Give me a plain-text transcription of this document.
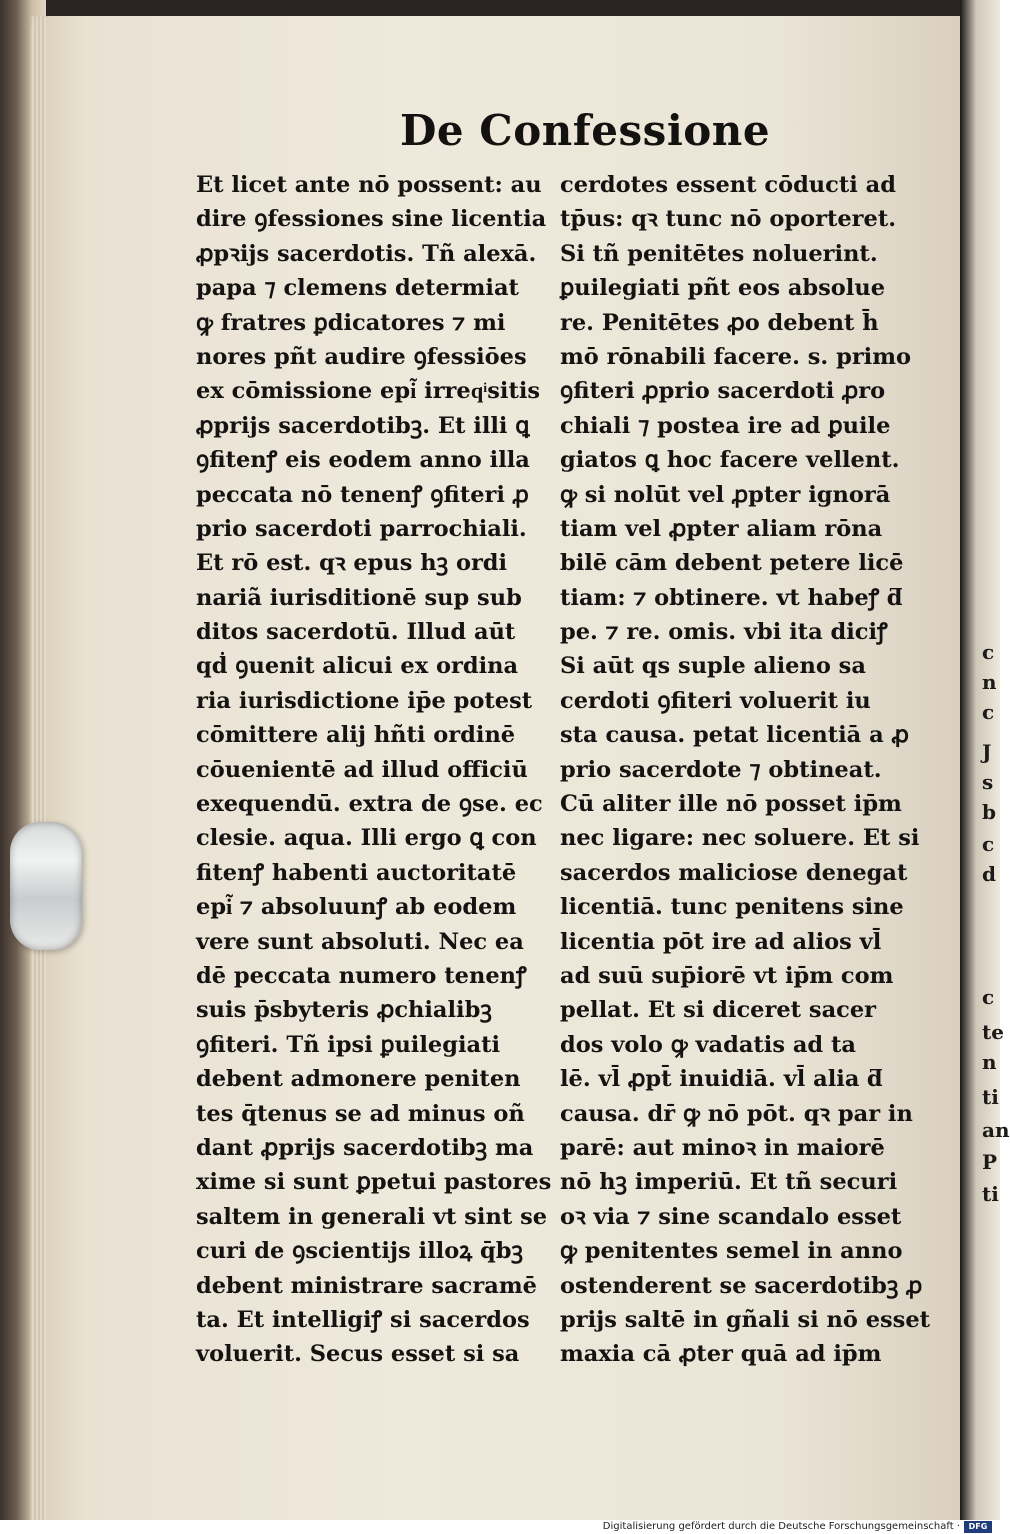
De Confessione
Et licet ante nō possent: au
dire ꝯfessiones sine licentia
ꝓpꝛijs sacerdotis. Tñ alexā.
papa ⁊ clemens determiat
ꝙ fratres ꝑdicatores ⁊ mi
nores pñt audire ꝯfessiōes
ex cōmissione epi͂ irreqͥsitis
ꝓprijs sacerdotibꝫ. Et illi ꝗ
ꝯfitenꝭ eis eodem anno illa
peccata nō tenenꝭ ꝯfiteri ꝓ
prio sacerdoti parrochiali.
Et rō est. qꝛ epus hꝫ ordi
nariã iurisditionē sup sub
ditos sacerdotū. Illud aūt
qḋ ꝯuenit alicui ex ordina
ria iurisdictione ip̄e potest
cōmittere alij hñti ordinē
cōuenientē ad illud officiū
exequendū. extra de ꝯse. ec
clesie. aqua. Illi ergo ꝗ con
fitenꝭ habenti auctoritatē
epi͂ ⁊ absoluunꝭ ab eodem
vere sunt absoluti. Nec ea
dē peccata numero tenenꝭ
suis p̄sbyteris ꝓchialibꝫ
ꝯfiteri. Tñ ipsi ꝑuilegiati
debent admonere peniten
tes q̄tenus se ad minus oñ
dant ꝓprijs sacerdotibꝫ ma
xime si sunt ꝑpetui pastores
saltem in generali vt sint se
curi de ꝯscientijs illoꝝ q̄bꝫ
debent ministrare sacramē
ta. Et intelligiꝭ si sacerdos
voluerit. Secus esset si sa
cerdotes essent cōducti ad
tp̄us: qꝛ tunc nō oporteret.
Si tñ penitētes noluerint.
ꝑuilegiati pñt eos absolue
re. Penitētes ꝓo debent h̄
mō rōnabili facere. s. primo
ꝯfiteri ꝓprio sacerdoti ꝓro
chiali ⁊ postea ire ad ꝑuile
giatos ꝗ hoc facere vellent.
ꝙ si nolūt vel ꝓpter ignorā
tiam vel ꝓpter aliam rōna
bilē cām debent petere licē
tiam: ⁊ obtinere. vt habeꝭ ƌ
pe. ⁊ re. omis. vbi ita diciꝭ
Si aūt qs suple alieno sa
cerdoti ꝯfiteri voluerit iu
sta causa. petat licentiā a ꝓ
prio sacerdote ⁊ obtineat.
Cū aliter ille nō posset ip̄m
nec ligare: nec soluere. Et si
sacerdos maliciose denegat
licentiā. tunc penitens sine
licentia pōt ire ad alios vl̄
ad suū sup̄iorē vt ip̄m com
pellat. Et si diceret sacer
dos volo ꝙ vadatis ad ta
lē. vl̄ ꝓpt̄ inuidiā. vl̄ alia ƌ
causa. dr̄ ꝙ nō pōt. qꝛ par in
parē: aut minoꝛ in maiorē
nō hꝫ imperiū. Et tñ securi
oꝛ via ⁊ sine scandalo esset
ꝙ penitentes semel in anno
ostenderent se sacerdotibꝫ ꝓ
prijs saltē in gñali si nō esset
maxia cā ꝓter quā ad ip̄m
c
n
c
J
s
b
c
d
c
te
n
ti
an
P
ti
Digitalisierung gefördert durch die Deutsche Forschungsgemeinschaft ·	DFG
